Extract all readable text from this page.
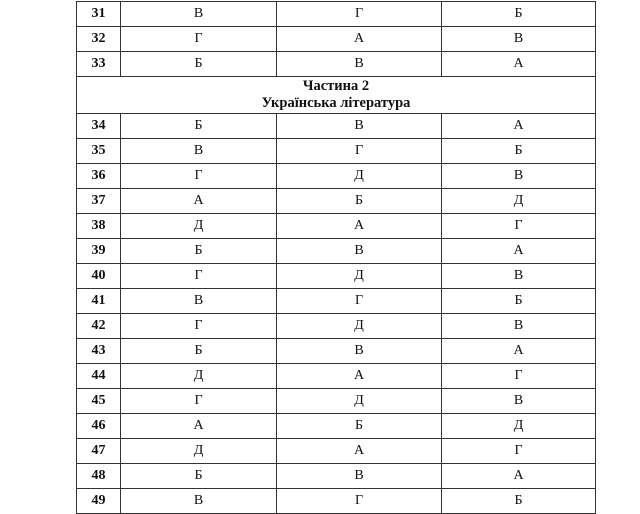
31	В	Г	Б
32	Г	А	В
33	Б	В	А

Частина 2
Українська література			

34	Б	В	А
35	В	Г	Б
36	Г	Д	В
37	А	Б	Д
38	Д	А	Г
39	Б	В	А
40	Г	Д	В
41	В	Г	Б
42	Г	Д	В
43	Б	В	А
44	Д	А	Г
45	Г	Д	В
46	А	Б	Д
47	Д	А	Г
48	Б	В	А
49	В	Г	Б
